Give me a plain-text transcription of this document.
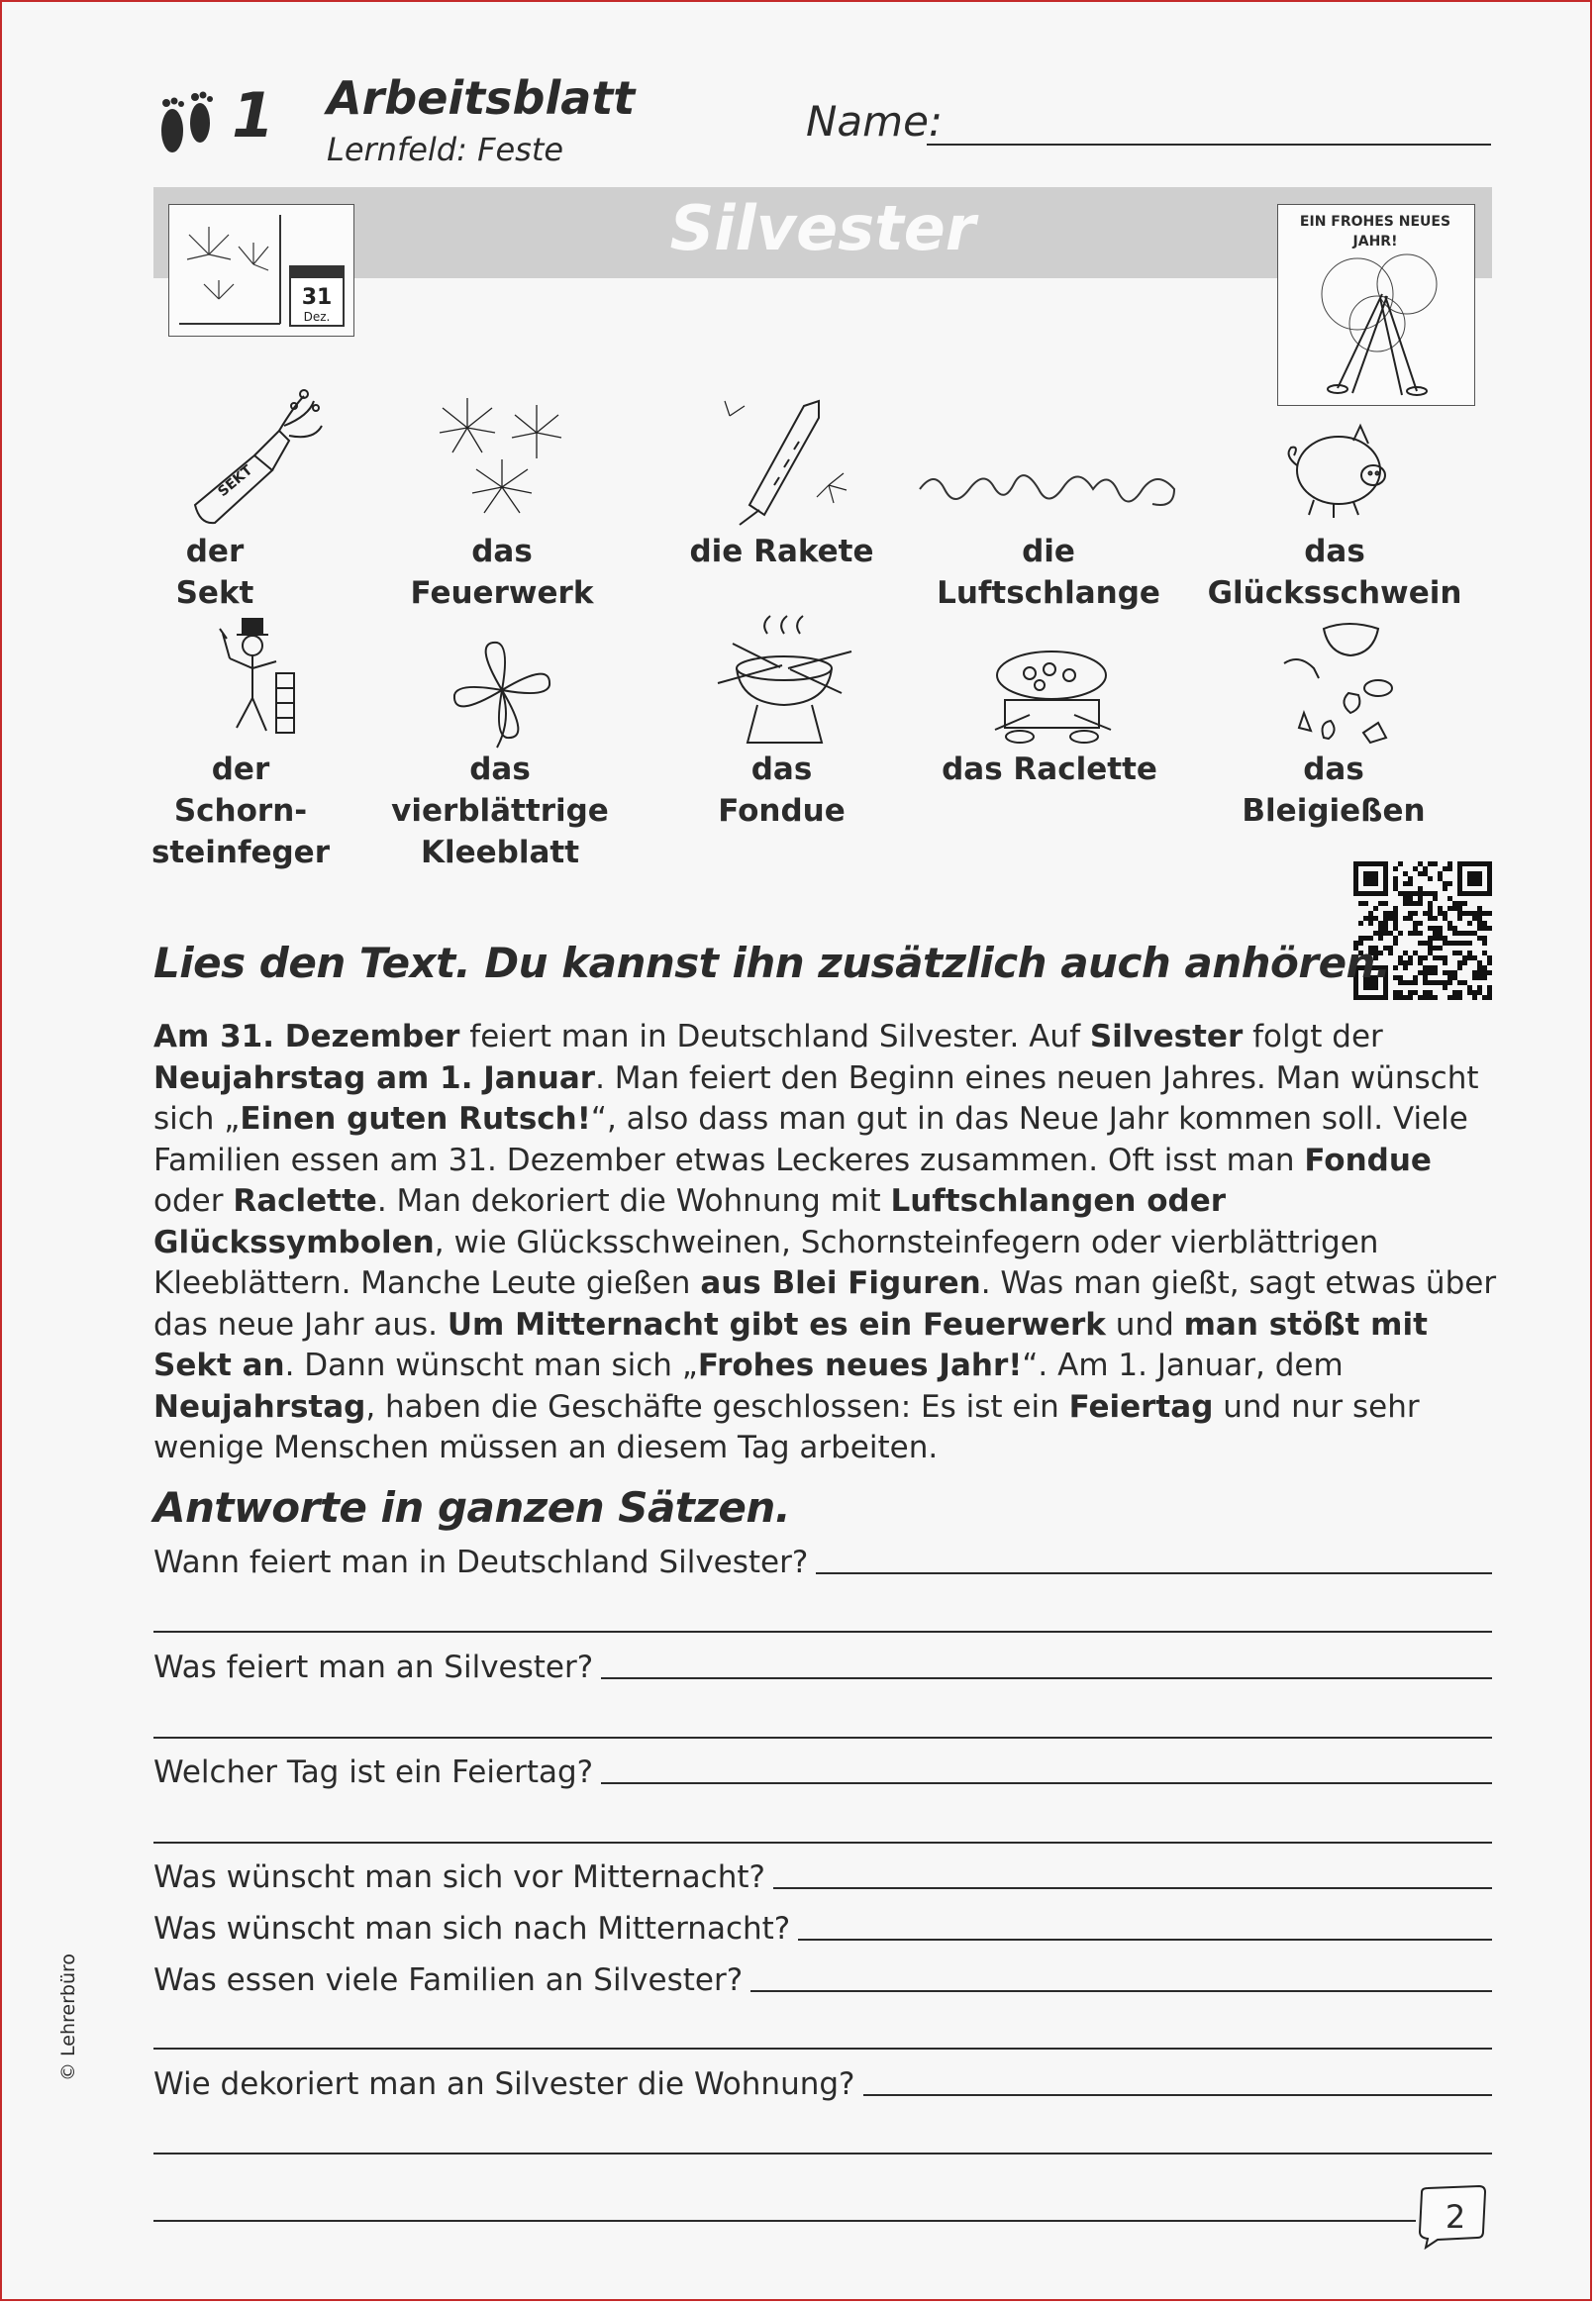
1 Arbeitsblatt
Lernfeld: Feste
Name:
Silvester
31
Dez.
EIN FROHES NEUES JAHR!
SEKT
der Sekt
das Feuerwerk
die Rakete	die Luftschlange
das Glücksschwein
der Schorn-
steinfeger
das vierblättrige
Kleeblatt
das Fondue
das Raclette	das Bleigießen
Lies den Text. Du kannst ihn zusätzlich auch anhören.
Am 31. Dezember feiert man in Deutschland Silvester. Auf Silvester folgt der Neujahrstag am 1. Januar. Man feiert den Beginn eines neuen Jahres. Man wünscht sich „Einen guten Rutsch!“, also dass man gut in das Neue Jahr kommen soll. Viele Familien essen am 31. Dezember etwas Leckeres zusammen. Oft isst man Fondue oder Raclette. Man dekoriert die Wohnung mit Luftschlangen oder Glückssymbolen, wie Glücksschweinen, Schornsteinfegern oder vierblättrigen Kleeblättern. Manche Leute gießen aus Blei Figuren. Was man gießt, sagt etwas über das neue Jahr aus. Um Mitternacht gibt es ein Feuerwerk und man stößt mit Sekt an. Dann wünscht man sich „Frohes neues Jahr!“. Am 1. Januar, dem Neujahrstag, haben die Geschäfte geschlossen: Es ist ein Feiertag und nur sehr wenige Menschen müssen an diesem Tag arbeiten.
Antworte in ganzen Sätzen.
Wann feiert man in Deutschland Silvester?
Was feiert man an Silvester?
Welcher Tag ist ein Feiertag?
Was wünscht man sich vor Mitternacht?
Was wünscht man sich nach Mitternacht?
Was essen viele Familien an Silvester?
Wie dekoriert man an Silvester die Wohnung?
© Lehrerbüro
2
